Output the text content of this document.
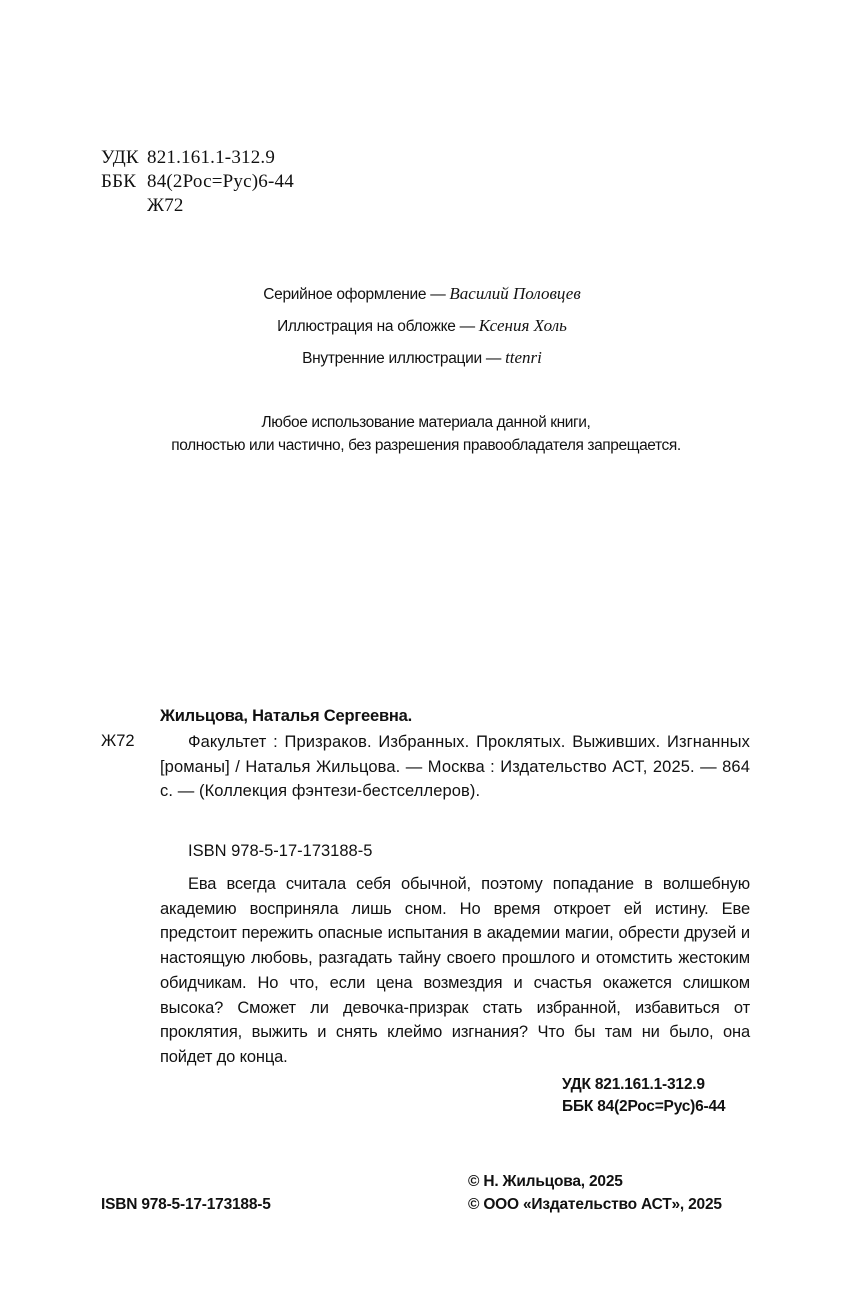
УДК 821.161.1-312.9
ББК 84(2Рос=Рус)6-44
Ж72
Серийное оформление — Василий Половцев
Иллюстрация на обложке — Ксения Холь
Внутренние иллюстрации — ttenri
Любое использование материала данной книги,
полностью или частично, без разрешения правообладателя запрещается.
Жильцова, Наталья Сергеевна.
Ж72	Факультет : Призраков. Избранных. Проклятых. Выживших. Изгнанных [романы] / Наталья Жильцова. — Москва : Издательство АСТ, 2025. — 864 с. — (Коллекция фэнтези-бестселлеров).
ISBN 978-5-17-173188-5
Ева всегда считала себя обычной, поэтому попадание в волшебную академию восприняла лишь сном. Но время откроет ей истину. Еве предстоит пережить опасные испытания в академии магии, обрести друзей и настоящую любовь, разгадать тайну своего прошлого и отомстить жестоким обидчикам. Но что, если цена возмездия и счастья окажется слишком высока? Сможет ли девочка-призрак стать избранной, избавиться от проклятия, выжить и снять клеймо изгнания? Что бы там ни было, она пойдет до конца.
УДК 821.161.1-312.9
ББК 84(2Рос=Рус)6-44
© Н. Жильцова, 2025
© ООО «Издательство АСТ», 2025
ISBN 978-5-17-173188-5
